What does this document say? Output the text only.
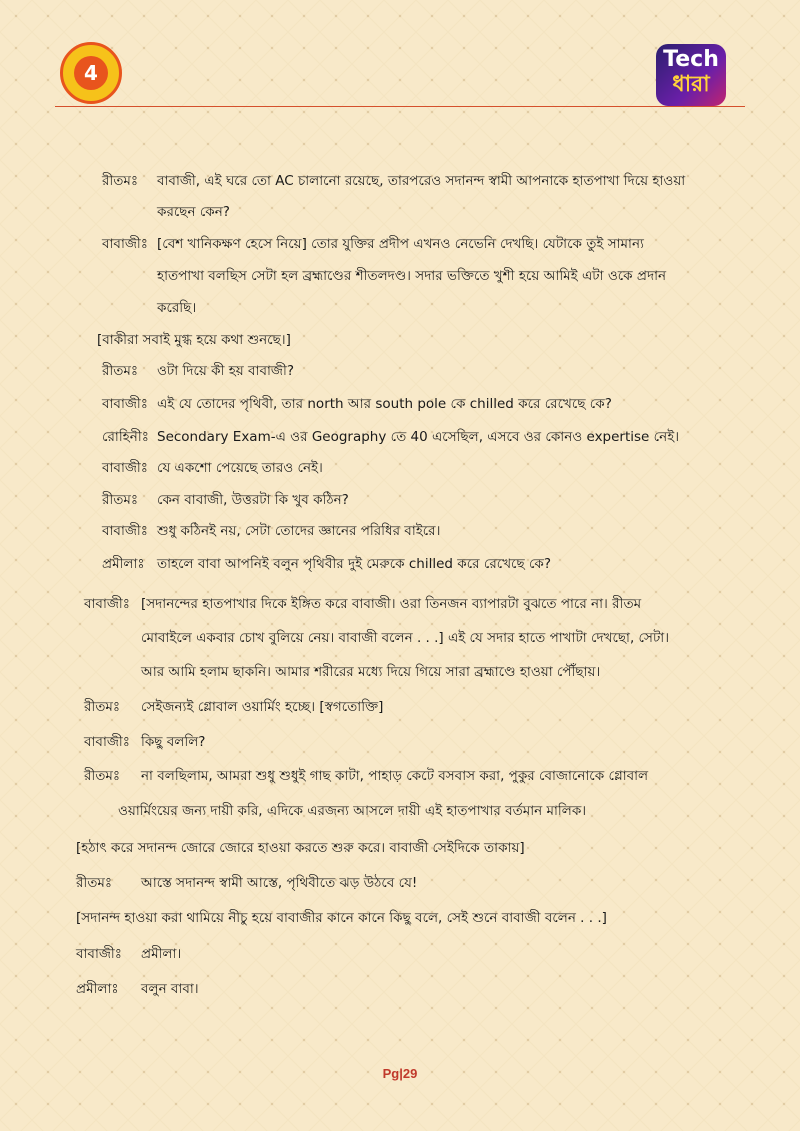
4
Tech
ধারা
রীতমঃ বাবাজী, এই ঘরে তো AC চালানো রয়েছে, তারপরেও সদানন্দ স্বামী আপনাকে হাতপাখা দিয়ে হাওয়া
করছেন কেন?
বাবাজীঃ [বেশ খানিকক্ষণ হেসে নিয়ে] তোর যুক্তির প্রদীপ এখনও নেভেনি দেখছি। যেটাকে তুই সামান্য
হাতপাখা বলছিস সেটা হল ব্রহ্মাণ্ডের শীতলদণ্ড। সদার ভক্তিতে খুশী হয়ে আমিই এটা ওকে প্রদান
করেছি।
[বাকীরা সবাই মুগ্ধ হয়ে কথা শুনছে।]
রীতমঃ ওটা দিয়ে কী হয় বাবাজী?
বাবাজীঃ এই যে তোদের পৃথিবী, তার north আর south pole কে chilled করে রেখেছে কে?
রোহিনীঃ Secondary Exam-এ ওর Geography তে 40 এসেছিল, এসবে ওর কোনও expertise নেই।
বাবাজীঃ যে একশো পেয়েছে তারও নেই।
রীতমঃ কেন বাবাজী, উত্তরটা কি খুব কঠিন?
বাবাজীঃ শুধু কঠিনই নয়, সেটা তোদের জ্ঞানের পরিধির বাইরে।
প্রমীলাঃ তাহলে বাবা আপনিই বলুন পৃথিবীর দুই মেরুকে chilled করে রেখেছে কে?
বাবাজীঃ [সদানন্দের হাতপাখার দিকে ইঙ্গিত করে বাবাজী। ওরা তিনজন ব্যাপারটা বুঝতে পারে না। রীতম
মোবাইলে একবার চোখ বুলিয়ে নেয়। বাবাজী বলেন . . .] এই যে সদার হাতে পাখাটা দেখছো, সেটা।
আর আমি হলাম ছাকনি। আমার শরীরের মধ্যে দিয়ে গিয়ে সারা ব্রহ্মাণ্ডে হাওয়া পৌঁছায়।
রীতমঃ সেইজন্যই গ্লোবাল ওয়ার্মিং হচ্ছে। [স্বগতোক্তি]
বাবাজীঃ কিছু বললি?
রীতমঃ না বলছিলাম, আমরা শুধু শুধুই গাছ কাটা, পাহাড় কেটে বসবাস করা, পুকুর বোজানোকে গ্লোবাল
ওয়ার্মিংয়ের জন্য দায়ী করি, এদিকে এরজন্য আসলে দায়ী এই হাতপাখার বর্তমান মালিক।
[হঠাৎ করে সদানন্দ জোরে জোরে হাওয়া করতে শুরু করে। বাবাজী সেইদিকে তাকায়]
রীতমঃ আস্তে সদানন্দ স্বামী আস্তে, পৃথিবীতে ঝড় উঠবে যে!
[সদানন্দ হাওয়া করা থামিয়ে নীচু হয়ে বাবাজীর কানে কানে কিছু বলে, সেই শুনে বাবাজী বলেন . . .]
বাবাজীঃ প্রমীলা।
প্রমীলাঃ বলুন বাবা।
Pg|29
